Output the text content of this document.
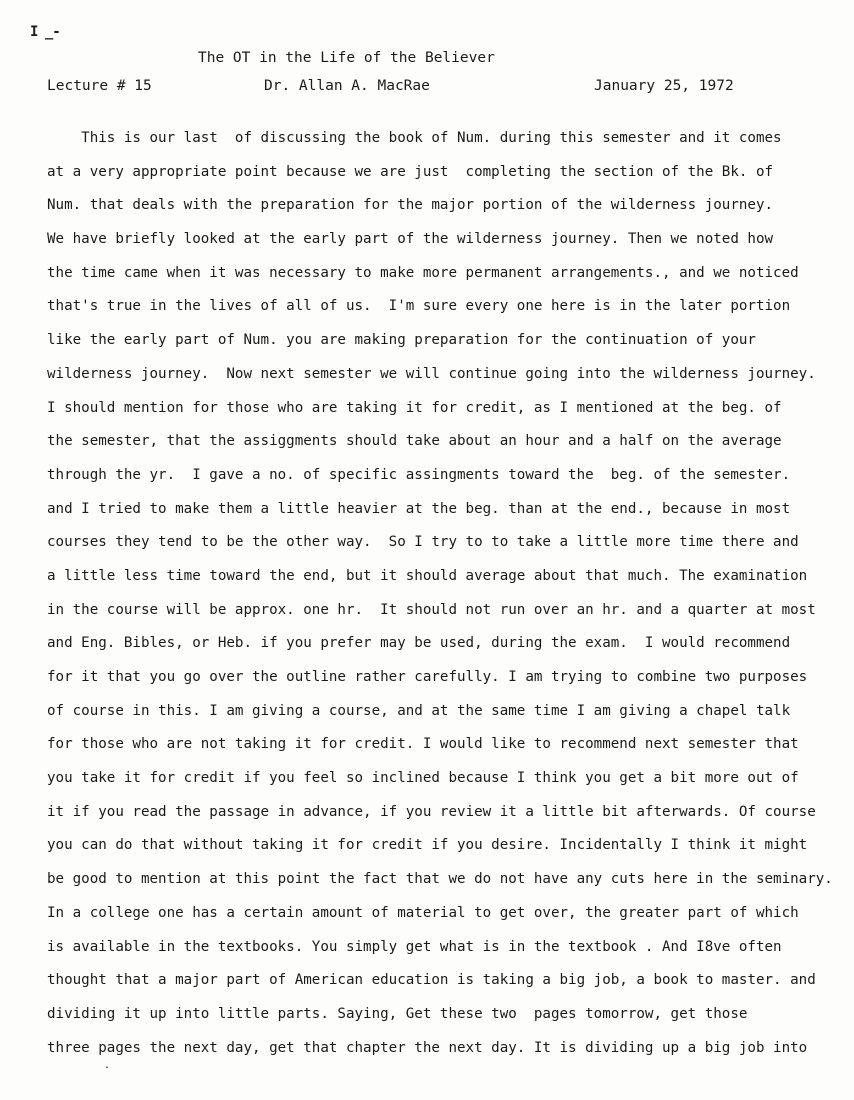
I _-
The OT in the Life of the Believer
Lecture # 15	Dr. Allan A. MacRae	January 25, 1972
This is our last  of discussing the book of Num. during this semester and it comes
at a very appropriate point because we are just  completing the section of the Bk. of
Num. that deals with the preparation for the major portion of the wilderness journey.
We have briefly looked at the early part of the wilderness journey. Then we noted how
the time came when it was necessary to make more permanent arrangements., and we noticed
that's true in the lives of all of us.  I'm sure every one here is in the later portion
like the early part of Num. you are making preparation for the continuation of your
wilderness journey.  Now next semester we will continue going into the wilderness journey.
I should mention for those who are taking it for credit, as I mentioned at the beg. of
the semester, that the assiggments should take about an hour and a half on the average
through the yr.  I gave a no. of specific assingments toward the  beg. of the semester.
and I tried to make them a little heavier at the beg. than at the end., because in most
courses they tend to be the other way.  So I try to to take a little more time there and
a little less time toward the end, but it should average about that much. The examination
in the course will be approx. one hr.  It should not run over an hr. and a quarter at most
and Eng. Bibles, or Heb. if you prefer may be used, during the exam.  I would recommend
for it that you go over the outline rather carefully. I am trying to combine two purposes
of course in this. I am giving a course, and at the same time I am giving a chapel talk
for those who are not taking it for credit. I would like to recommend next semester that
you take it for credit if you feel so inclined because I think you get a bit more out of
it if you read the passage in advance, if you review it a little bit afterwards. Of course
you can do that without taking it for credit if you desire. Incidentally I think it might
be good to mention at this point the fact that we do not have any cuts here in the seminary.
In a college one has a certain amount of material to get over, the greater part of which
is available in the textbooks. You simply get what is in the textbook . And I8ve often
thought that a major part of American education is taking a big job, a book to master. and
dividing it up into little parts. Saying, Get these two  pages tomorrow, get those
three pages the next day, get that chapter the next day. It is dividing up a big job into
.
